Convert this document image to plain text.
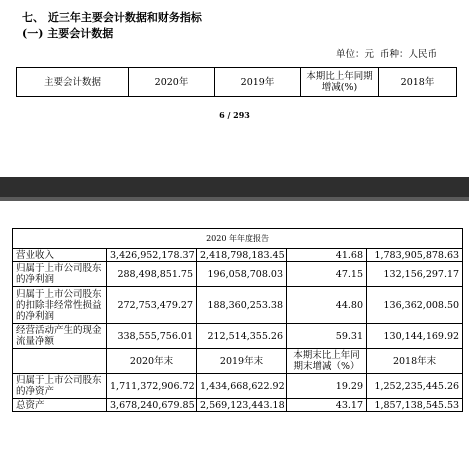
七、 近三年主要会计数据和财务指标
(一) 主要会计数据
单位：元 币种：人民币
主要会计数据	2020年	2019年	本期比上年同期增减(%)	2018年
6 / 293
2020 年年度报告				
营业收入	3,426,952,178.37	2,418,798,183.45	41.68	1,783,905,878.63
归属于上市公司股东的净利润	288,498,851.75	196,058,708.03	47.15	132,156,297.17
归属于上市公司股东的扣除非经常性损益的净利润	272,753,479.27	188,360,253.38	44.80	136,362,008.50
经营活动产生的现金流量净额	338,555,756.01	212,514,355.26	59.31	130,144,169.92
	2020年末	2019年末	本期末比上年同期末增减（%）	2018年末
归属于上市公司股东的净资产	1,711,372,906.72	1,434,668,622.92	19.29	1,252,235,445.26
总资产	3,678,240,679.85	2,569,123,443.18	43.17	1,857,138,545.53
